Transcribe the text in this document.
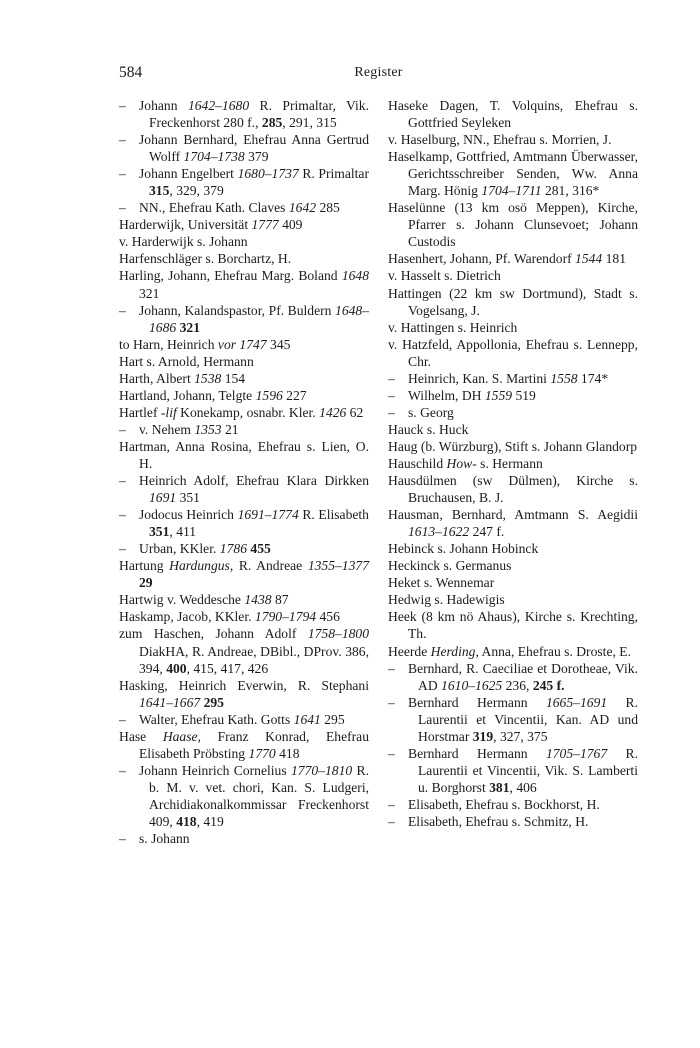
584	Register
– Johann 1642–1680 R. Primaltar, Vik. Freckenhorst 280 f., 285, 291, 315
– Johann Bernhard, Ehefrau Anna Gertrud Wolff 1704–1738 379
– Johann Engelbert 1680–1737 R. Primaltar 315, 329, 379
– NN., Ehefrau Kath. Claves 1642 285
Harderwijk, Universität 1777 409
v. Harderwijk s. Johann
Harfenschläger s. Borchartz, H.
Harling, Johann, Ehefrau Marg. Boland 1648 321
– Johann, Kalandspastor, Pf. Buldern 1648–1686 321
to Harn, Heinrich vor 1747 345
Hart s. Arnold, Hermann
Harth, Albert 1538 154
Hartland, Johann, Telgte 1596 227
Hartlef -lif Konekamp, osnabr. Kler. 1426 62
– v. Nehem 1353 21
Hartman, Anna Rosina, Ehefrau s. Lien, O. H.
– Heinrich Adolf, Ehefrau Klara Dirkken 1691 351
– Jodocus Heinrich 1691–1774 R. Elisabeth 351, 411
– Urban, KKler. 1786 455
Hartung Hardungus, R. Andreae 1355–1377 29
Hartwig v. Weddesche 1438 87
Haskamp, Jacob, KKler. 1790–1794 456
zum Haschen, Johann Adolf 1758–1800 DiakHA, R. Andreae, DBibl., DProv. 386, 394, 400, 415, 417, 426
Hasking, Heinrich Everwin, R. Stephani 1641–1667 295
– Walter, Ehefrau Kath. Gotts 1641 295
Hase Haase, Franz Konrad, Ehefrau Elisabeth Pröbsting 1770 418
– Johann Heinrich Cornelius 1770–1810 R. b. M. v. vet. chori, Kan. S. Ludgeri, Archidiakonalkommissar Freckenhorst 409, 418, 419
– s. Johann
Haseke Dagen, T. Volquins, Ehefrau s. Gottfried Seyleken
v. Haselburg, NN., Ehefrau s. Morrien, J.
Haselkamp, Gottfried, Amtmann Überwasser, Gerichtsschreiber Senden, Ww. Anna Marg. Hönig 1704–1711 281, 316*
Haselünne (13 km osö Meppen), Kirche, Pfarrer s. Johann Clunsevoet; Johann Custodis
Hasenhert, Johann, Pf. Warendorf 1544 181
v. Hasselt s. Dietrich
Hattingen (22 km sw Dortmund), Stadt s. Vogelsang, J.
v. Hattingen s. Heinrich
v. Hatzfeld, Appollonia, Ehefrau s. Lennepp, Chr.
– Heinrich, Kan. S. Martini 1558 174*
– Wilhelm, DH 1559 519
– s. Georg
Hauck s. Huck
Haug (b. Würzburg), Stift s. Johann Glandorp
Hauschild How- s. Hermann
Hausdülmen (sw Dülmen), Kirche s. Bruchausen, B. J.
Hausman, Bernhard, Amtmann S. Aegidii 1613–1622 247 f.
Hebinck s. Johann Hobinck
Heckinck s. Germanus
Heket s. Wennemar
Hedwig s. Hadewigis
Heek (8 km nö Ahaus), Kirche s. Krechting, Th.
Heerde Herding, Anna, Ehefrau s. Droste, E.
– Bernhard, R. Caeciliae et Dorotheae, Vik. AD 1610–1625 236, 245 f.
– Bernhard Hermann 1665–1691 R. Laurentii et Vincentii, Kan. AD und Horstmar 319, 327, 375
– Bernhard Hermann 1705–1767 R. Laurentii et Vincentii, Vik. S. Lamberti u. Borghorst 381, 406
– Elisabeth, Ehefrau s. Bockhorst, H.
– Elisabeth, Ehefrau s. Schmitz, H.
